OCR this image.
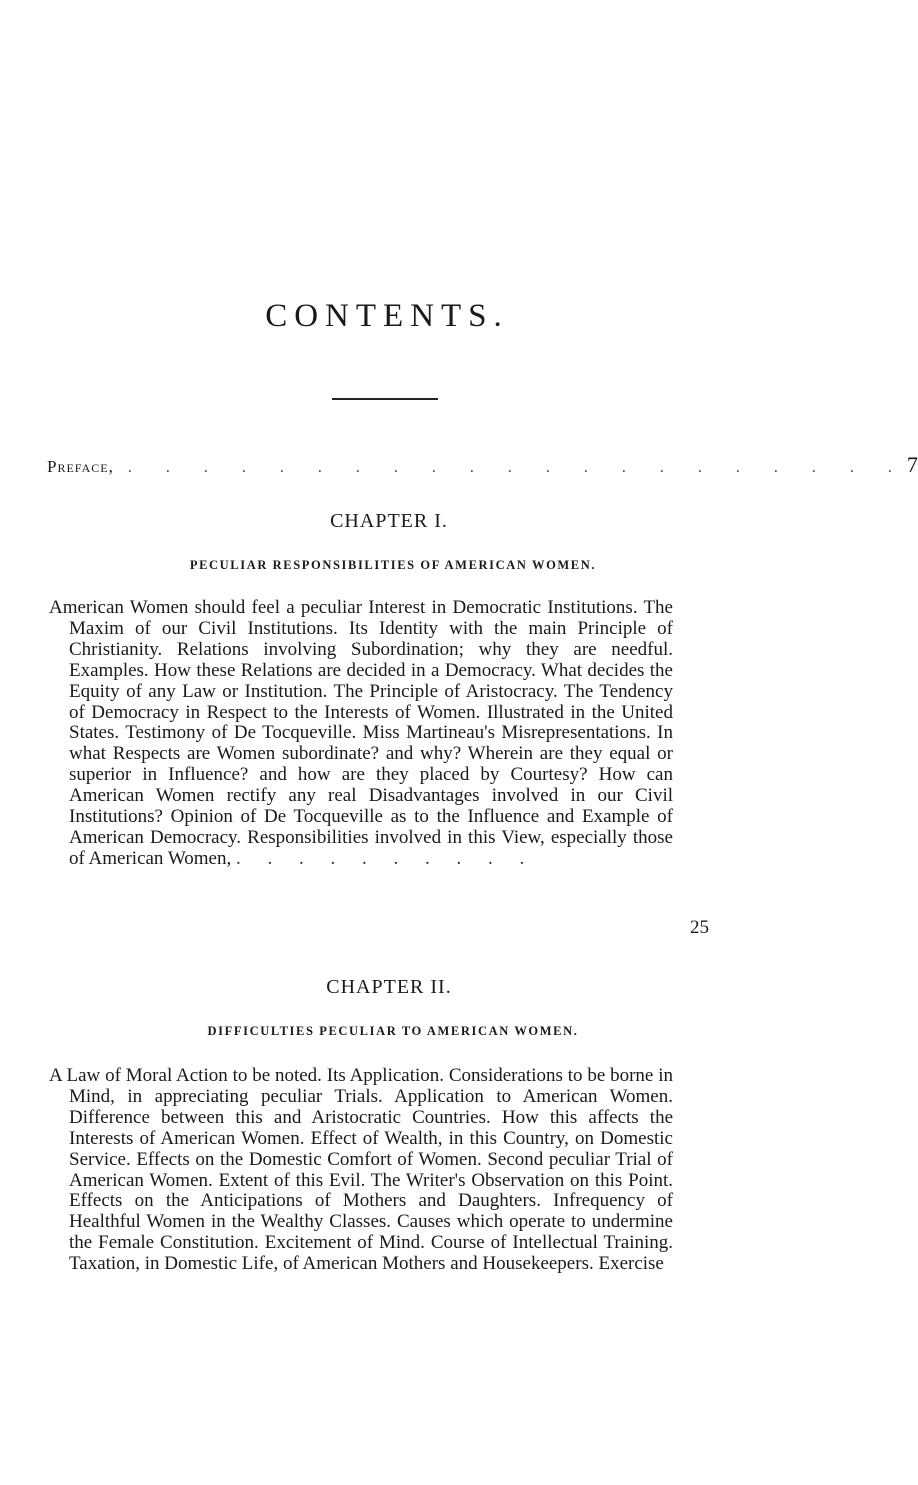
CONTENTS.
Preface, . . . . . . . . . . . . . . . . . . . . . 7
CHAPTER I.
PECULIAR RESPONSIBILITIES OF AMERICAN WOMEN.

American Women should feel a peculiar Interest in Democratic Institutions. The Maxim of our Civil Institutions. Its Identity with the main Principle of Christianity. Relations involving Subordination; why they are needful. Examples. How these Relations are decided in a Democracy. What decides the Equity of any Law or Institution. The Principle of Aristocracy. The Tendency of Democracy in Respect to the Interests of Women. Illustrated in the United States. Testimony of De Tocqueville. Miss Martineau's Misrepresentations. In what Respects are Women subordinate? and why? Wherein are they equal or superior in Influence? and how are they placed by Courtesy? How can American Women rectify any real Disadvantages involved in our Civil Institutions? Opinion of De Tocqueville as to the Influence and Example of American Democracy. Responsibilities involved in this View, especially those of American Women, . . . . . . . . . .

25
CHAPTER II.
DIFFICULTIES PECULIAR TO AMERICAN WOMEN.

A Law of Moral Action to be noted. Its Application. Considerations to be borne in Mind, in appreciating peculiar Trials. Application to American Women. Difference between this and Aristocratic Countries. How this affects the Interests of American Women. Effect of Wealth, in this Country, on Domestic Service. Effects on the Domestic Comfort of Women. Second peculiar Trial of American Women. Extent of this Evil. The Writer's Observation on this Point. Effects on the Anticipations of Mothers and Daughters. Infrequency of Healthful Women in the Wealthy Classes. Causes which operate to undermine the Female Constitution. Excitement of Mind. Course of Intellectual Training. Taxation, in Domestic Life, of American Mothers and Housekeepers. Exercise
